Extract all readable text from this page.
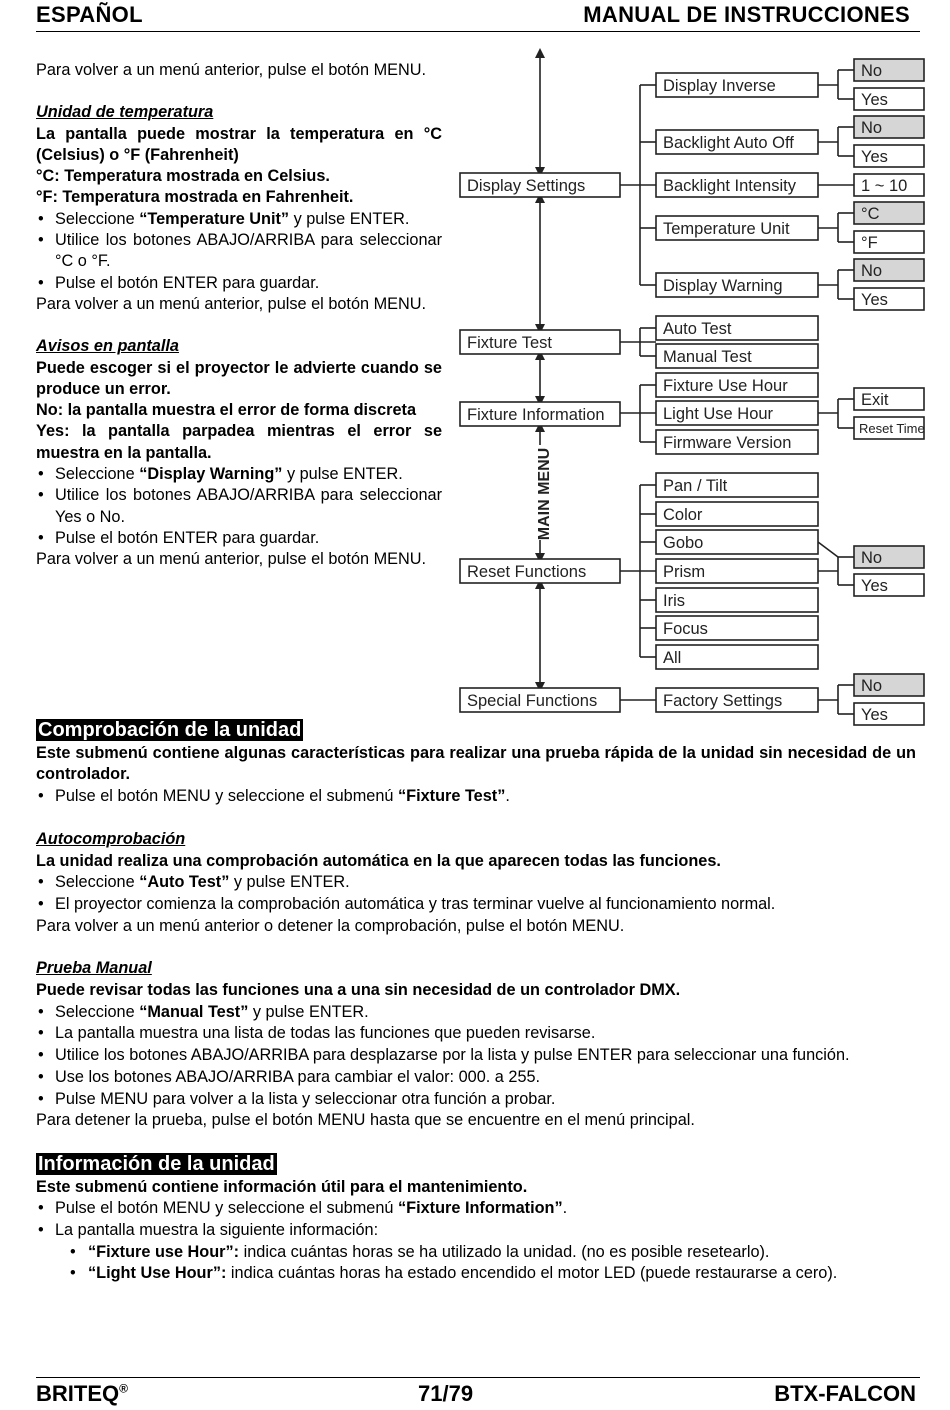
ESPAÑOL	MANUAL DE INSTRUCCIONES

Para volver a un menú anterior, pulse el botón MENU.

Unidad de temperatura

La pantalla puede mostrar la temperatura en °C (Celsius) o °F (Fahrenheit)

°C: Temperatura mostrada en Celsius.

°F: Temperatura mostrada en Fahrenheit.

• Seleccione “Temperature Unit” y pulse ENTER.

• Utilice los botones ABAJO/ARRIBA para seleccionar °C o °F.

• Pulse el botón ENTER para guardar.

Para volver a un menú anterior, pulse el botón MENU.

Avisos en pantalla

Puede escoger si el proyector le advierte cuando se produce un error.

No: la pantalla muestra el error de forma discreta

Yes: la pantalla parpadea mientras el error se muestra en la pantalla.

• Seleccione “Display Warning” y pulse ENTER.

• Utilice los botones ABAJO/ARRIBA para seleccionar Yes o No.

• Pulse el botón ENTER para guardar.

Para volver a un menú anterior, pulse el botón MENU.

MAIN MENU
Display Settings
Fixture Test
Fixture Information
Reset Functions
Special Functions
Display Inverse
Backlight Auto Off
Backlight Intensity
Temperature Unit
Display Warning
Auto Test
Manual Test
Fixture Use Hour
Light Use Hour
Firmware Version
Pan / Tilt
Color
Gobo
Prism
Iris
Focus
All
Factory Settings
No
Yes
No
Yes
1 ~ 10
°C
°F
No
Yes
Exit
Reset Time
No
Yes
No
Yes

Comprobación de la unidad

Este submenú contiene algunas características para realizar una prueba rápida de la unidad sin necesidad de un controlador.

• Pulse el botón MENU y seleccione el submenú “Fixture Test”.

Autocomprobación

La unidad realiza una comprobación automática en la que aparecen todas las funciones.

• Seleccione “Auto Test” y pulse ENTER.

• El proyector comienza la comprobación automática y tras terminar vuelve al funcionamiento normal.

Para volver a un menú anterior o detener la comprobación, pulse el botón MENU.

Prueba Manual

Puede revisar todas las funciones una a una sin necesidad de un controlador DMX.

• Seleccione “Manual Test” y pulse ENTER.

• La pantalla muestra una lista de todas las funciones que pueden revisarse.

• Utilice los botones ABAJO/ARRIBA para desplazarse por la lista y pulse ENTER para seleccionar una función.

• Use los botones ABAJO/ARRIBA para cambiar el valor: 000. a 255.

• Pulse MENU para volver a la lista y seleccionar otra función a probar.

Para detener la prueba, pulse el botón MENU hasta que se encuentre en el menú principal.

Información de la unidad

Este submenú contiene información útil para el mantenimiento.

• Pulse el botón MENU y seleccione el submenú “Fixture Information”.

• La pantalla muestra la siguiente información:

• “Fixture use Hour”: indica cuántas horas se ha utilizado la unidad. (no es posible resetearlo).

• “Light Use Hour”: indica cuántas horas ha estado encendido el motor LED (puede restaurarse a cero).

BRITEQ®	71/79	BTX-FALCON
